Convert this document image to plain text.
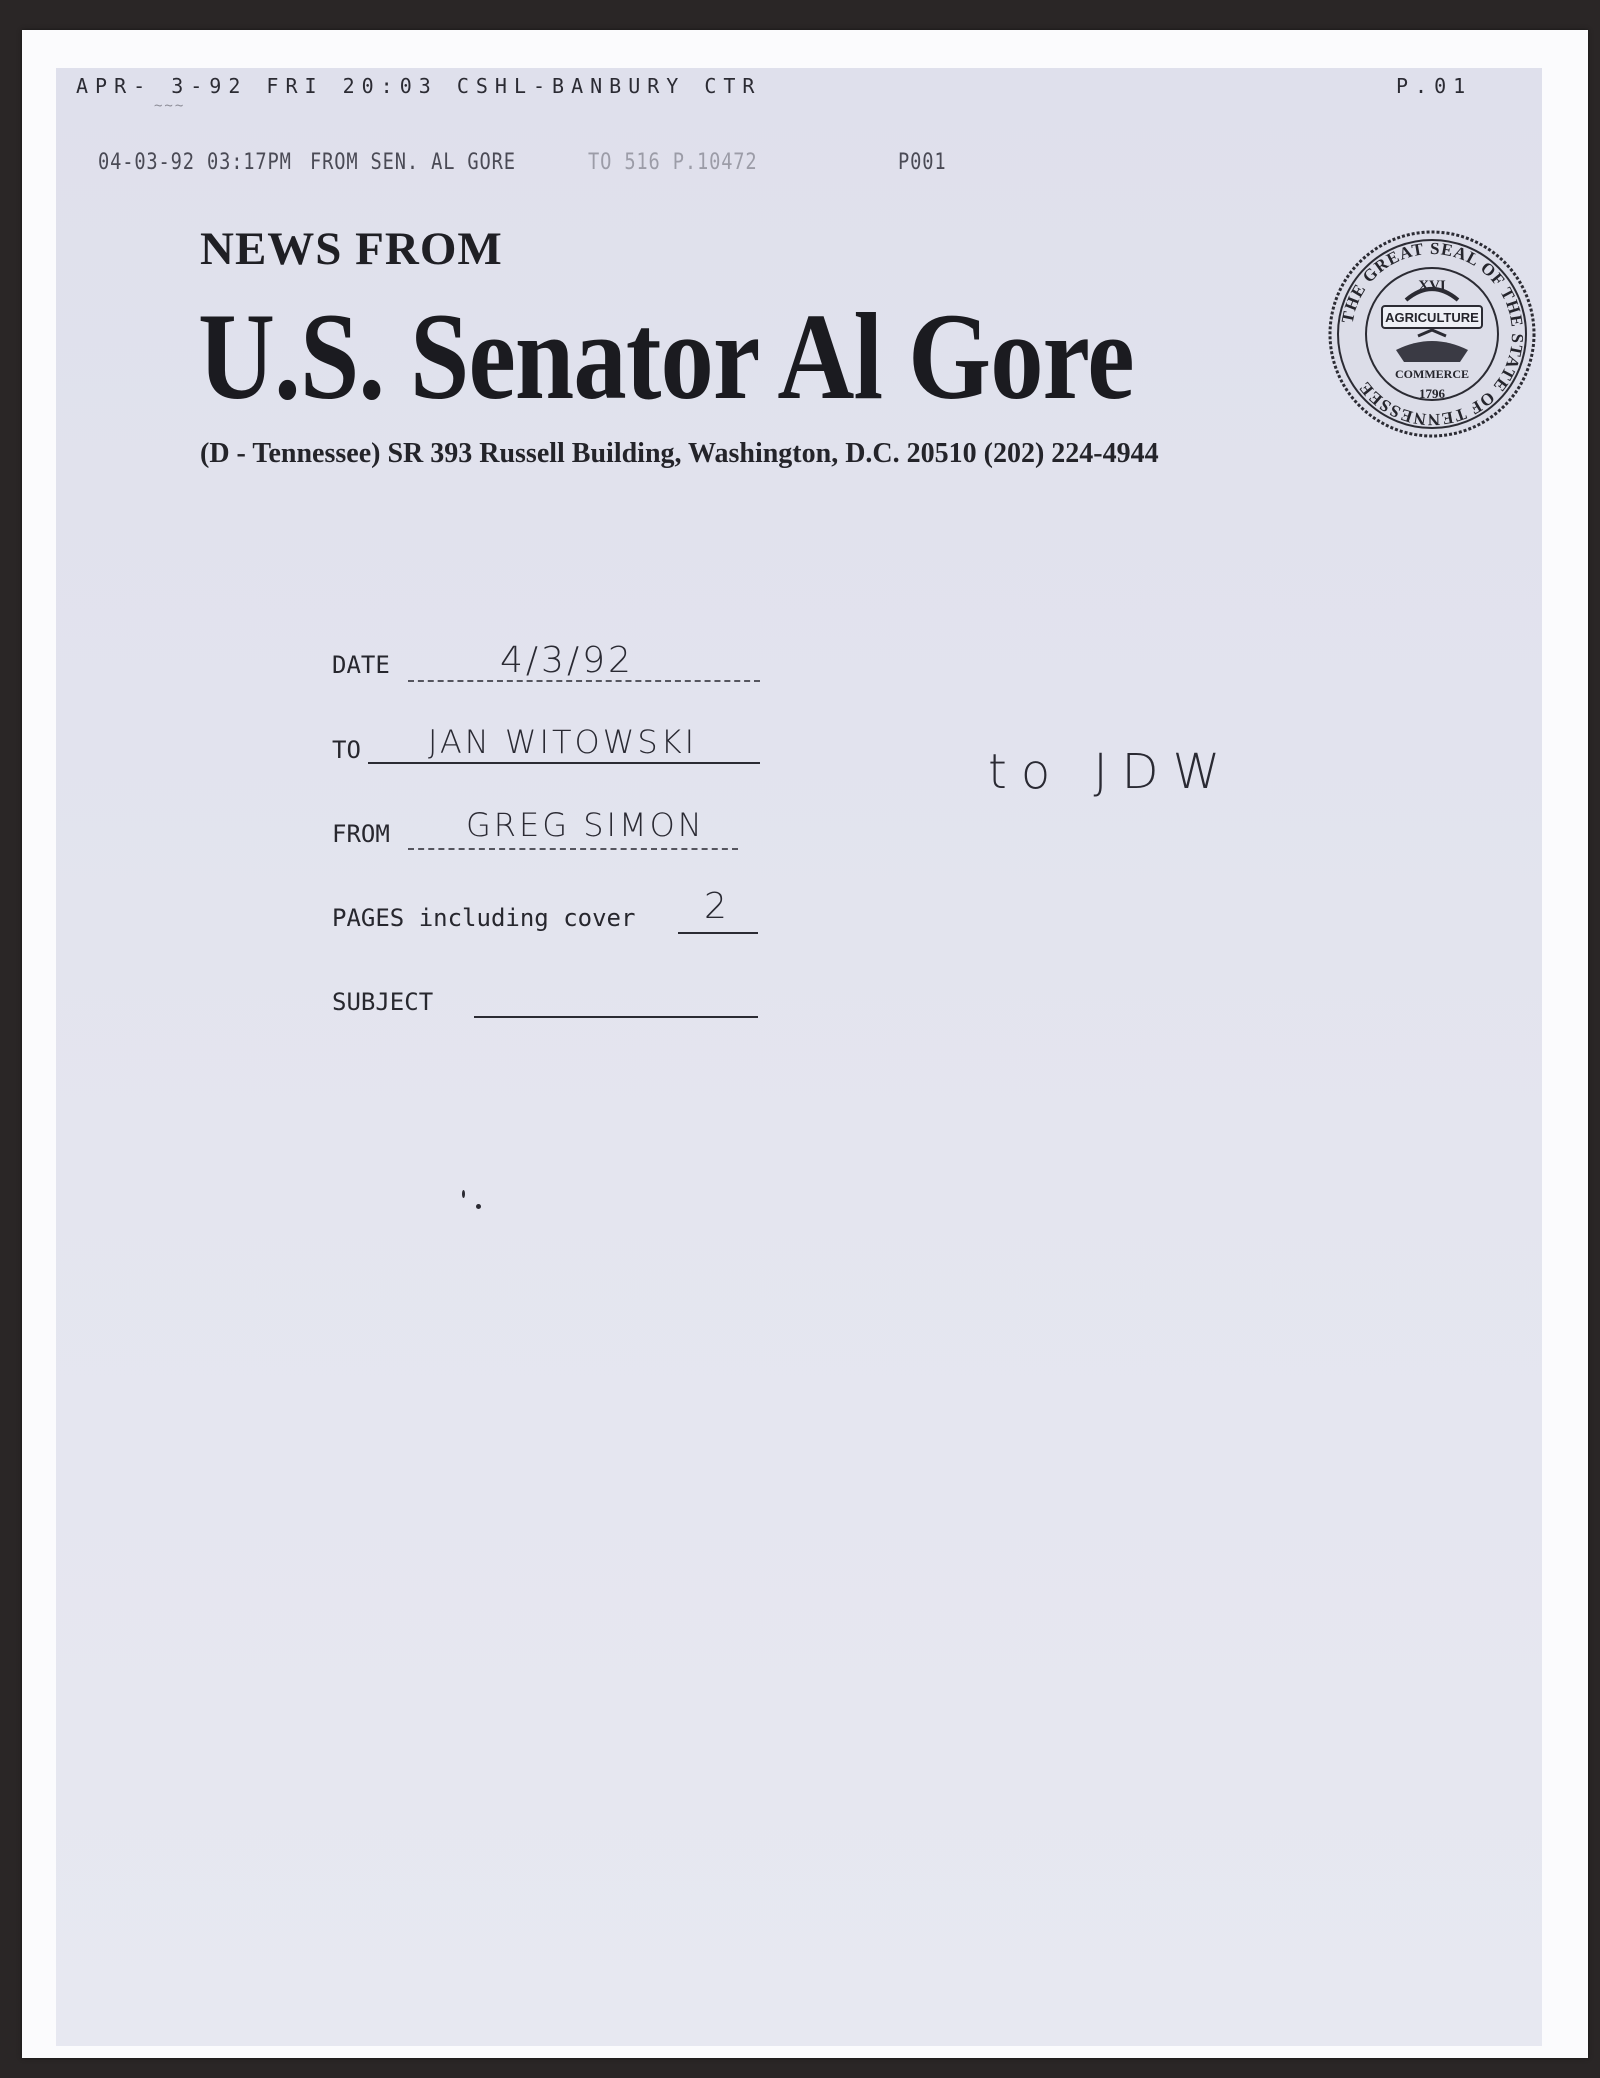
APR- 3-92 FRI 20:03 CSHL-BANBURY CTR	P.01
~~~
04-03-92 03:17PM FROM SEN. AL GORE	TO 516 P.10472	P001
NEWS FROM
U.S. Senator Al Gore
(D - Tennessee) SR 393 Russell Building, Washington, D.C. 20510 (202) 224-4944
THE GREAT SEAL OF THE STATE OF TENNESSEE
XVI
AGRICULTURE
COMMERCE
1796
DATE	4/3/92
TO JAN WITOWSKI
FROM GREG SIMON
PAGES including cover 2
SUBJECT
to JDW
